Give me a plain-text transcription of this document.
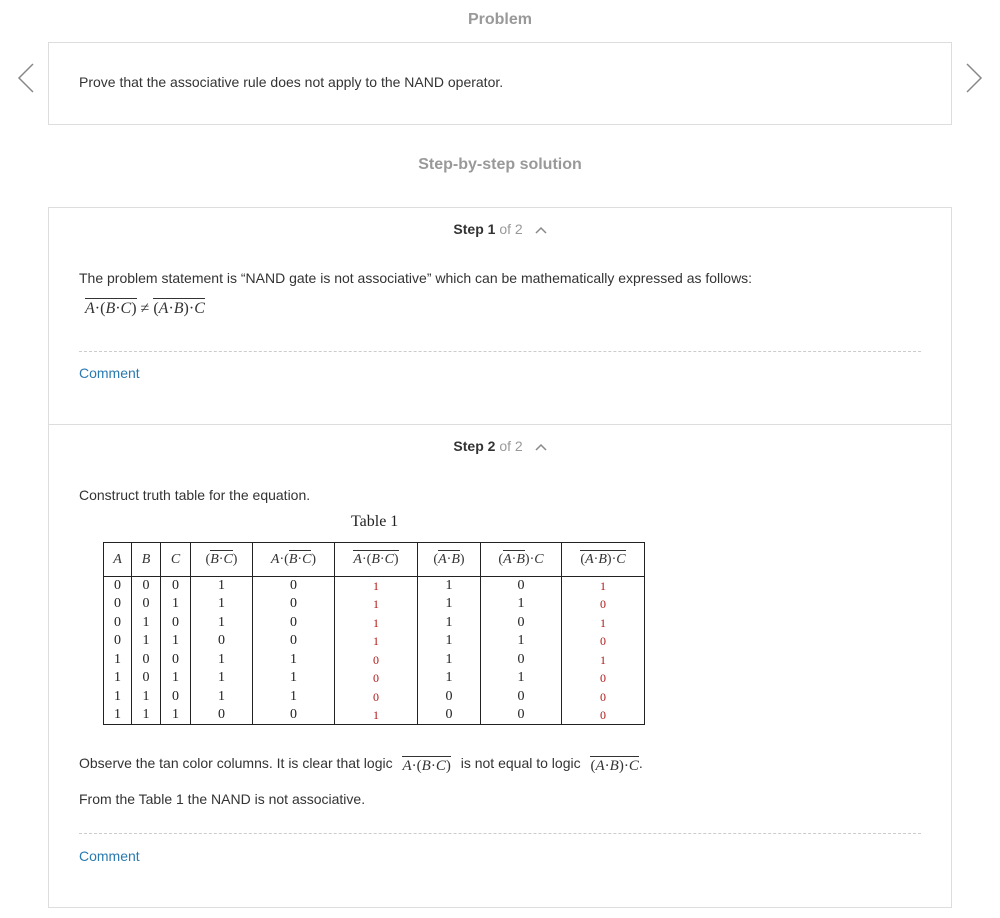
Problem
Prove that the associative rule does not apply to the NAND operator.
Step-by-step solution
Step 1 of 2
The problem statement is “NAND gate is not associative” which can be mathematically expressed as follows:
A·(B·C) ≠ (A·B)·C
Comment
Step 2 of 2
Construct truth table for the equation.
Table 1
A	B	C	(B·C)	A·(B·C)	A·(B·C)	(A·B)	(A·B)·C	(A·B)·C
0	0	0	1	0	1	1	0	1
0	0	1	1	0	1	1	1	0
0	1	0	1	0	1	1	0	1
0	1	1	0	0	1	1	1	0
1	0	0	1	1	0	1	0	1
1	0	1	1	1	0	1	1	0
1	1	0	1	1	0	0	0	0
1	1	1	0	0	1	0	0	0
Observe the tan color columns. It is clear that logic A·(B·C) is not equal to logic (A·B)·C.
From the Table 1 the NAND is not associative.
Comment
